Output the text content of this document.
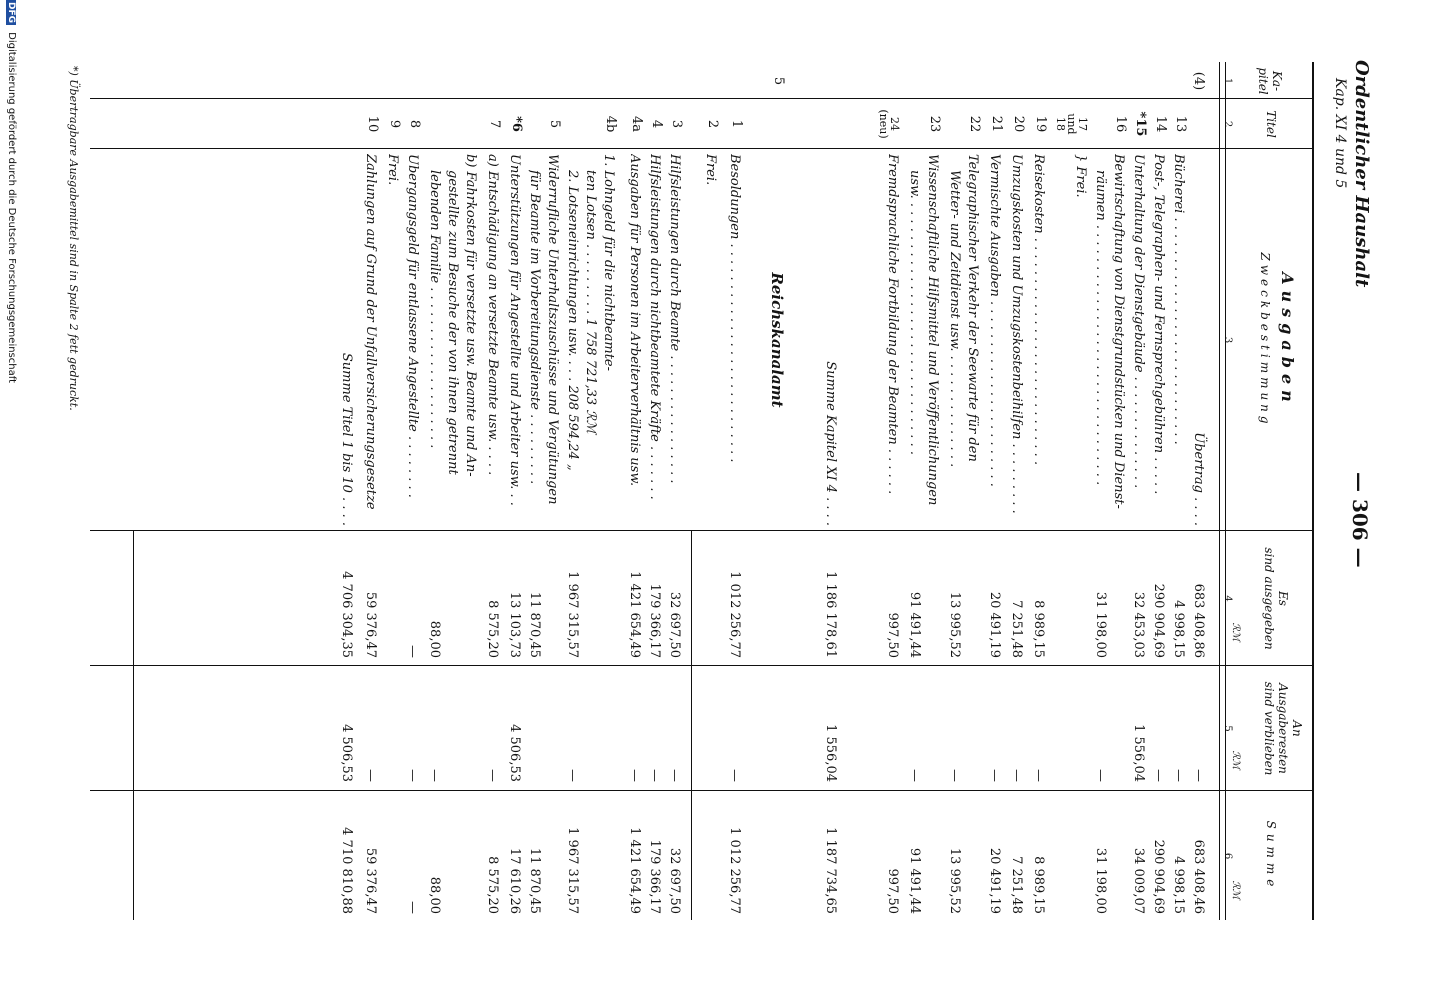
Ordentlicher Haushalt
Kap. XI 4 und 5
— 306 —
Ka-
pitel
Titel
Ausgaben
Zweckbestimmung
Es
sind ausgegeben
An
Ausgaberesten
sind verblieben
Summe
ℛℳ
ℛℳ
ℛℳ
1
2
3
4
5
6
(4)
Übertrag . . . .
683 408,86
—
683 408,46
13
Bücherei . . . . . . . . . . . . . . . . . . . . . . . . . . . .
4 998,15
—
4 998,15
14
Post-, Telegraphen- und Fernsprechgebühren . . . . .
290 904,69
—
290 904,69
*15
Unterhaltung der Dienstgebäude . . . . . . . . . . . . . .
32 453,03
1 556,04
34 009,07
16
Bewirtschaftung von Dienstgrundstücken und Dienst-
räumen . . . . . . . . . . . . . . . . . . . . . . . . . . . . . . . .
31 198,00
—
31 198,00
17
und
18
} Frei.
19
Reisekosten . . . . . . . . . . . . . . . . . . . . . . . . . . . .
8 989,15
—
8 989,15
20
Umzugskosten und Umzugskostenbeihilfen . . . . . . . . .
7 251,48
—
7 251,48
21
Vermischte Ausgaben . . . . . . . . . . . . . . . . . . . . . . .
20 491,19
—
20 491,19
22
Telegraphischer Verkehr der Seewarte für den
Wetter- und Zeitdienst usw. . . . . . . . . . . . . . .
13 995,52
—
13 995,52
23
Wissenschaftliche Hilfsmittel und Veröffentlichungen
usw. . . . . . . . . . . . . . . . . . . . . . . . . . . . . . . .
91 491,44
—
91 491,44
24
(neu)
Fremdsprachliche Fortbildung der Beamten . . . . . .
997,50
997,50
Summe Kapitel XI 4 . . . .
1 186 178,61
1 556,04
1 187 734,65
5
Reichskanalamt
1
Besoldungen . . . . . . . . . . . . . . . . . . . . . . . . . . .
1 012 256,77
—
1 012 256,77
2
Frei.
3
Hilfsleistungen durch Beamte . . . . . . . . . . . . . . . .
32 697,50
—
32 697,50
4
Hilfsleistungen durch nichtbeamtete Kräfte . . . . . . .
179 366,17
—
179 366,17
4a
Ausgaben für Personen im Arbeiterverhältnis usw.
1 421 654,49
—
1 421 654,49
4b
1. Lohngeld für die nichtbeamte-
ten Lotsen . . . . . . . . . 1 758 721,33 ℛℳ
2. Lotseneinrichtungen usw. . . . 208 594,24 „
1 967 315,57
—
1 967 315,57
5
Widerrufliche Unterhaltszuschüsse und Vergütungen
für Beamte im Vorbereitungsdienste . . . . . . . . .
11 870,45
11 870,45
*6
Unterstützungen für Angestellte und Arbeiter usw. . .
13 103,73
4 506,53
17 610,26
7
a) Entschädigung an versetzte Beamte usw. . . . .
8 575,20
—
8 575,20
b) Fahrkosten für versetzte usw. Beamte und An-
gestellte zum Besuche der von ihnen getrennt
lebenden Familie . . . . . . . . . . . . . . . . . . . .
88,00
—
88,00
8
Übergangsgeld für entlassene Angestellte . . . . . . . .
—
—
—
9
Frei.
10
Zahlungen auf Grund der Unfallversicherungsgesetze
59 376,47
—
59 376,47
Summe Titel 1 bis 10 . . . .
4 706 304,35
4 506,53
4 710 810,88
*) Übertragbare Ausgabemittel sind in Spalte 2 fett gedruckt.
DFG Digitalisierung gefördert durch die Deutsche Forschungsgemeinschaft
